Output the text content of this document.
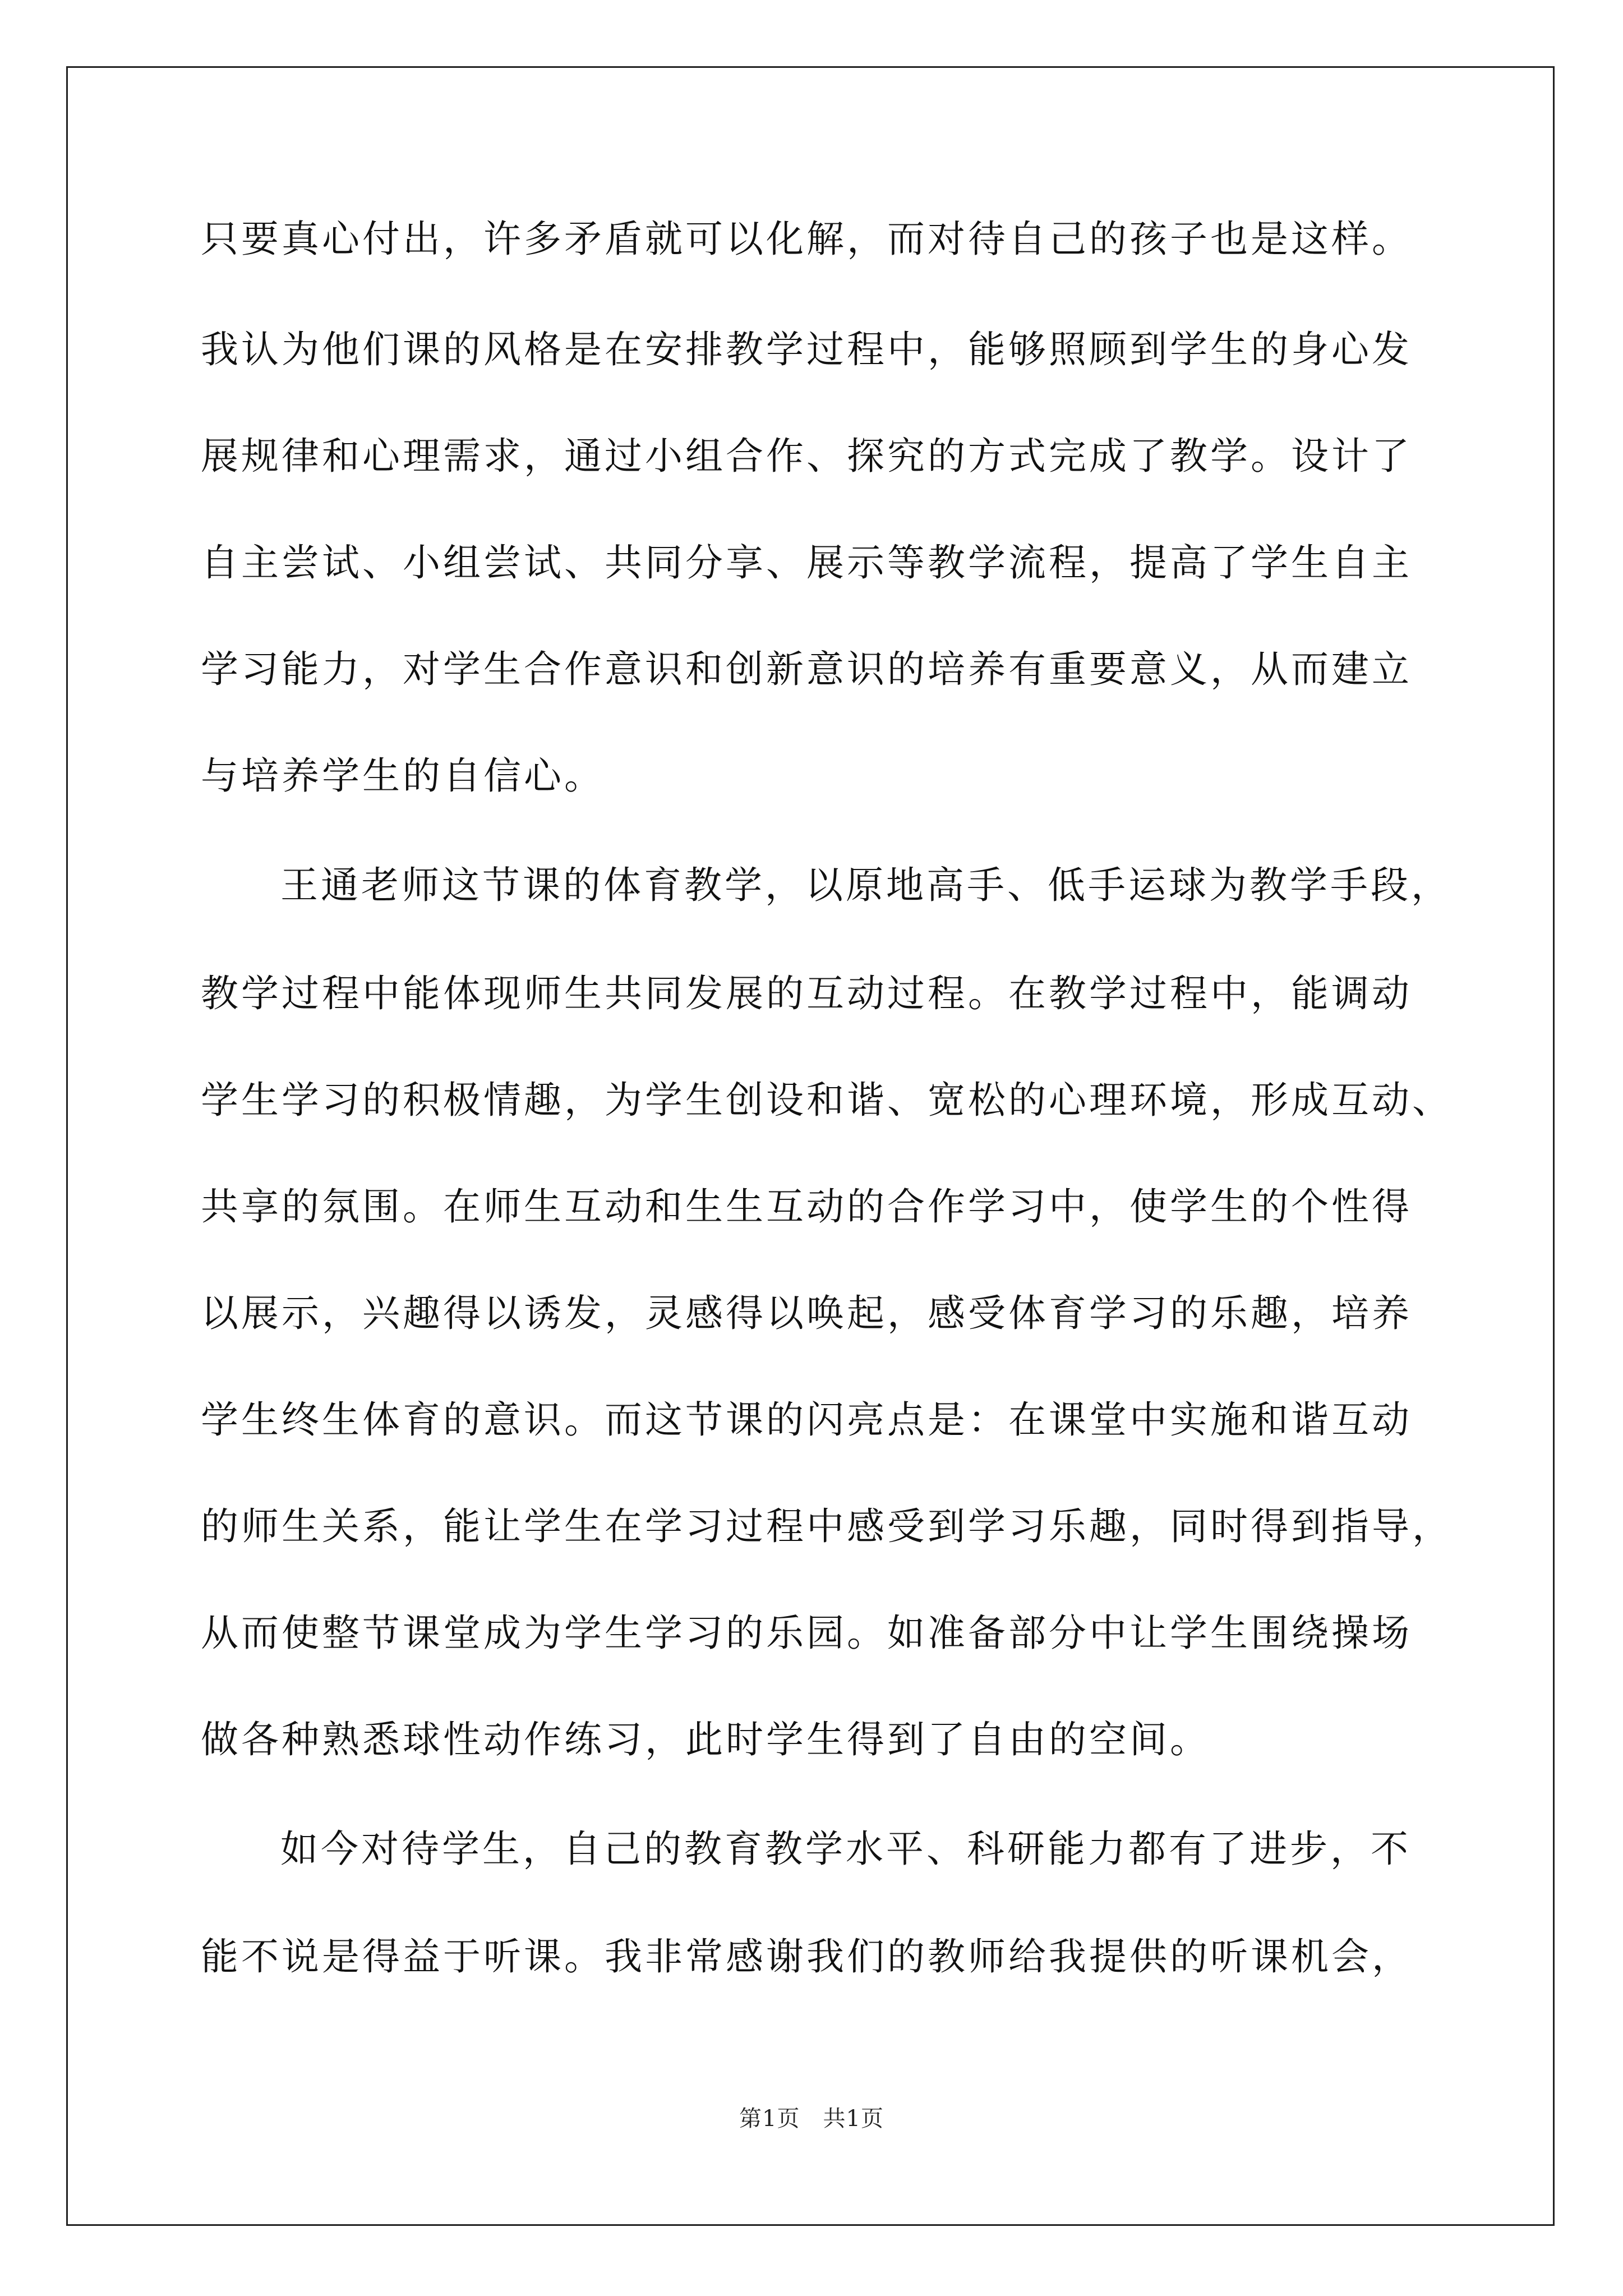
只要真心付出，许多矛盾就可以化解，而对待自己的孩子也是这样。
我认为他们课的风格是在安排教学过程中，能够照顾到学生的身心发
展规律和心理需求，通过小组合作、探究的方式完成了教学。设计了
自主尝试、小组尝试、共同分享、展示等教学流程，提高了学生自主
学习能力，对学生合作意识和创新意识的培养有重要意义，从而建立
与培养学生的自信心。
王通老师这节课的体育教学，以原地高手、低手运球为教学手段，
教学过程中能体现师生共同发展的互动过程。在教学过程中，能调动
学生学习的积极情趣，为学生创设和谐、宽松的心理环境，形成互动、
共享的氛围。在师生互动和生生互动的合作学习中，使学生的个性得
以展示，兴趣得以诱发，灵感得以唤起，感受体育学习的乐趣，培养
学生终生体育的意识。而这节课的闪亮点是：在课堂中实施和谐互动
的师生关系，能让学生在学习过程中感受到学习乐趣，同时得到指导，
从而使整节课堂成为学生学习的乐园。如准备部分中让学生围绕操场
做各种熟悉球性动作练习，此时学生得到了自由的空间。
如今对待学生，自己的教育教学水平、科研能力都有了进步，不
能不说是得益于听课。我非常感谢我们的教师给我提供的听课机会，
第1页　共1页
